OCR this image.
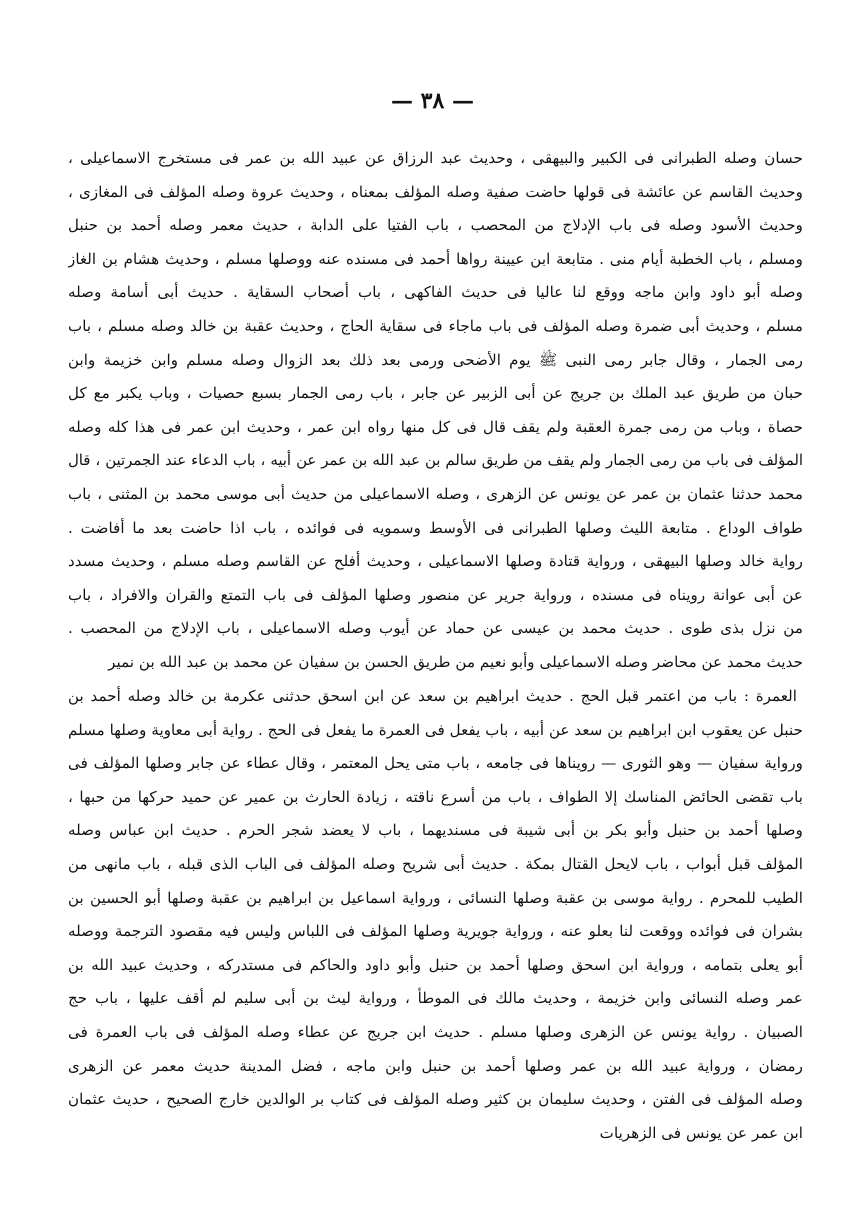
— ٣٨ —
حسان وصله الطبرانى فى الكبير والبيهقى ، وحديث عبد الرزاق عن عبيد الله بن عمر فى مستخرج الاسماعيلى ،
وحديث القاسم عن عائشة فى قولها حاضت صفية وصله المؤلف بمعناه ، وحديث عروة وصله المؤلف فى المغازى ،
وحديث الأسود وصله فى باب الإدلاج من المحصب ، باب الفتيا على الدابة ، حديث معمر وصله أحمد بن حنبل
ومسلم ، باب الخطبة أيام منى . متابعة ابن عيينة رواها أحمد فى مسنده عنه ووصلها مسلم ، وحديث هشام بن الغاز
وصله أبو داود وابن ماجه ووقع لنا عاليا فى حديث الفاكهى ، باب أصحاب السقاية . حديث أبى أسامة وصله
مسلم ، وحديث أبى ضمرة وصله المؤلف فى باب ماجاء فى سقاية الحاج ، وحديث عقبة بن خالد وصله مسلم ، باب
رمى الجمار ، وقال جابر رمى النبى ﷺ يوم الأضحى ورمى بعد ذلك بعد الزوال وصله مسلم وابن خزيمة وابن
حبان من طريق عبد الملك بن جريج عن أبى الزبير عن جابر ، باب رمى الجمار بسبع حصيات ، وباب يكبر مع كل
حصاة ، وباب من رمى جمرة العقبة ولم يقف قال فى كل منها رواه ابن عمر ، وحديث ابن عمر فى هذا كله وصله
المؤلف فى باب من رمى الجمار ولم يقف من طريق سالم بن عبد الله بن عمر عن أبيه ، باب الدعاء عند الجمرتين ، قال
محمد حدثنا عثمان بن عمر عن يونس عن الزهرى ، وصله الاسماعيلى من حديث أبى موسى محمد بن المثنى ، باب
طواف الوداع . متابعة الليث وصلها الطبرانى فى الأوسط وسمويه فى فوائده ، باب اذا حاضت بعد ما أفاضت .
رواية خالد وصلها البيهقى ، ورواية قتادة وصلها الاسماعيلى ، وحديث أفلح عن القاسم وصله مسلم ، وحديث مسدد
عن أبى عوانة رويناه فى مسنده ، ورواية جرير عن منصور وصلها المؤلف فى باب التمتع والقران والافراد ، باب
من نزل بذى طوى . حديث محمد بن عيسى عن حماد عن أيوب وصله الاسماعيلى ، باب الإدلاج من المحصب .
حديث محمد عن محاضر وصله الاسماعيلى وأبو نعيم من طريق الحسن بن سفيان عن محمد بن عبد الله بن نمير
العمرة : باب من اعتمر قبل الحج . حديث ابراهيم بن سعد عن ابن اسحق حدثنى عكرمة بن خالد وصله أحمد بن
حنبل عن يعقوب ابن ابراهيم بن سعد عن أبيه ، باب يفعل فى العمرة ما يفعل فى الحج . رواية أبى معاوية وصلها مسلم
ورواية سفيان — وهو الثورى — رويناها فى جامعه ، باب متى يحل المعتمر ، وقال عطاء عن جابر وصلها المؤلف فى
باب تقضى الحائض المناسك إلا الطواف ، باب من أسرع ناقته ، زيادة الحارث بن عمير عن حميد حركها من حبها ،
وصلها أحمد بن حنبل وأبو بكر بن أبى شيبة فى مسنديهما ، باب لا يعضد شجر الحرم . حديث ابن عباس وصله
المؤلف قبل أبواب ، باب لايحل القتال بمكة . حديث أبى شريح وصله المؤلف فى الباب الذى قبله ، باب مانهى من
الطيب للمحرم . رواية موسى بن عقبة وصلها النسائى ، ورواية اسماعيل بن ابراهيم بن عقبة وصلها أبو الحسين بن
بشران فى فوائده ووقعت لنا بعلو عنه ، ورواية جويرية وصلها المؤلف فى اللباس وليس فيه مقصود الترجمة ووصله
أبو يعلى بتمامه ، ورواية ابن اسحق وصلها أحمد بن حنبل وأبو داود والحاكم فى مستدركه ، وحديث عبيد الله بن
عمر وصله النسائى وابن خزيمة ، وحديث مالك فى الموطأ ، ورواية ليث بن أبى سليم لم أقف عليها ، باب حج
الصبيان . رواية يونس عن الزهرى وصلها مسلم . حديث ابن جريج عن عطاء وصله المؤلف فى باب العمرة فى
رمضان ، ورواية عبيد الله بن عمر وصلها أحمد بن حنبل وابن ماجه ، فضل المدينة حديث معمر عن الزهرى
وصله المؤلف فى الفتن ، وحديث سليمان بن كثير وصله المؤلف فى كتاب بر الوالدين خارج الصحيح ، حديث عثمان
ابن عمر عن يونس فى الزهريات
